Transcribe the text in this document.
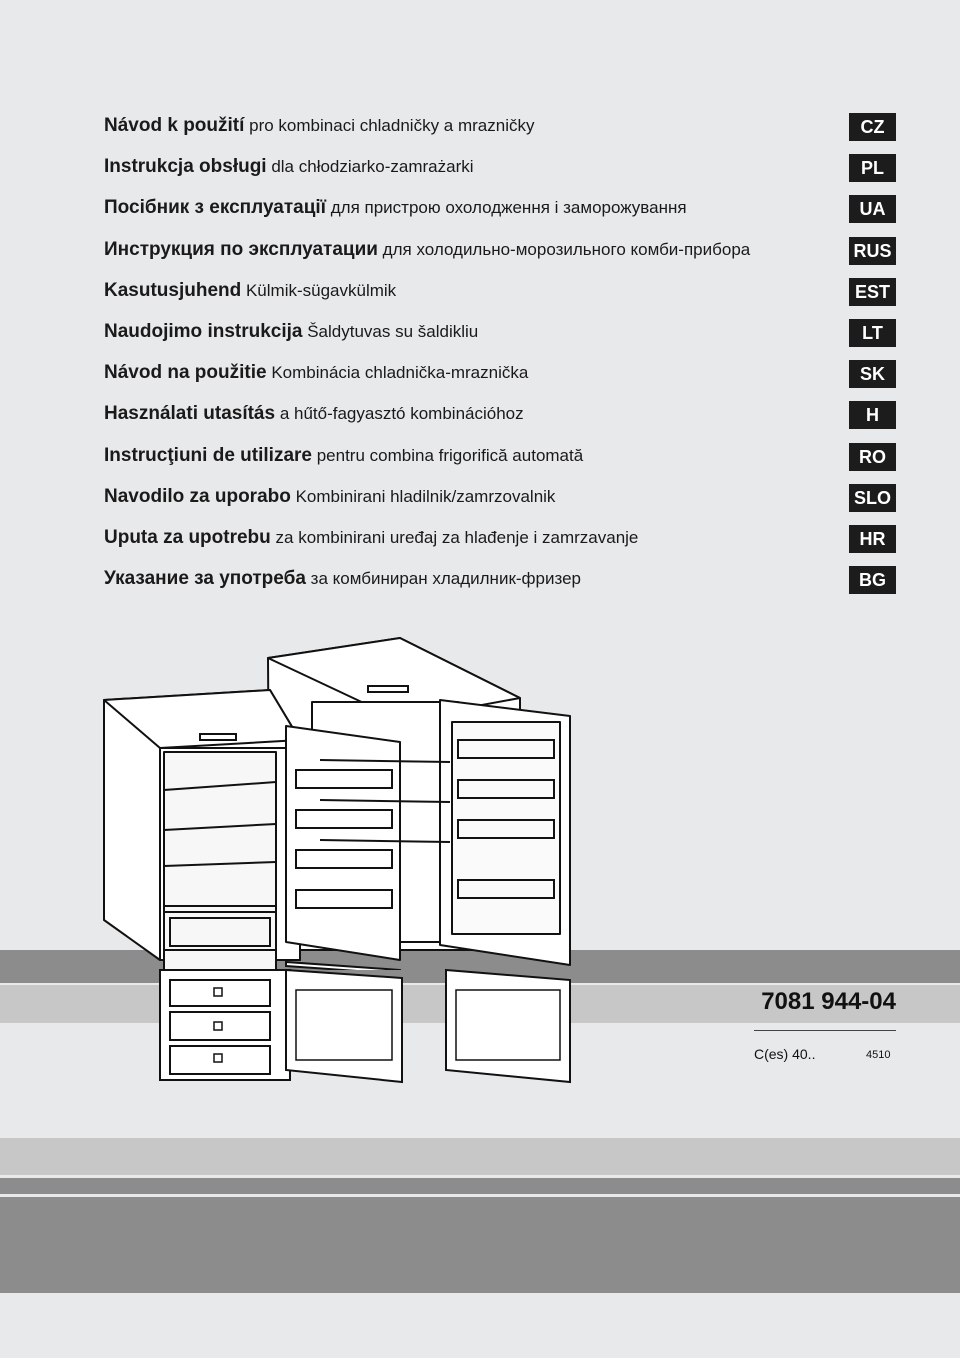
Návod k použití pro kombinaci chladničky a mrazničky	CZ
Instrukcja obsługi dla chłodziarko-zamrażarki	PL
Посібник з експлуатації для пристрою охолодження і заморожування	UA
Инструкция по эксплуатации для холодильно-морозильного комби-прибора	RUS
Kasutusjuhend Külmik-sügavkülmik	EST
Naudojimo instrukcija Šaldytuvas su šaldikliu	LT
Návod na použitie Kombinácia chladnička-mraznička	SK
Használati utasítás a hűtő-fagyasztó kombinációhoz	H
Instrucţiuni de utilizare pentru combina frigorifică automată	RO
Navodilo za uporabo Kombinirani hladilnik/zamrzovalnik	SLO
Uputa za upotrebu za kombinirani uređaj za hlađenje i zamrzavanje	HR
Указание за употреба за комбиниран хладилник-фризер	BG
7081 944-04
C(es) 40..	4510
